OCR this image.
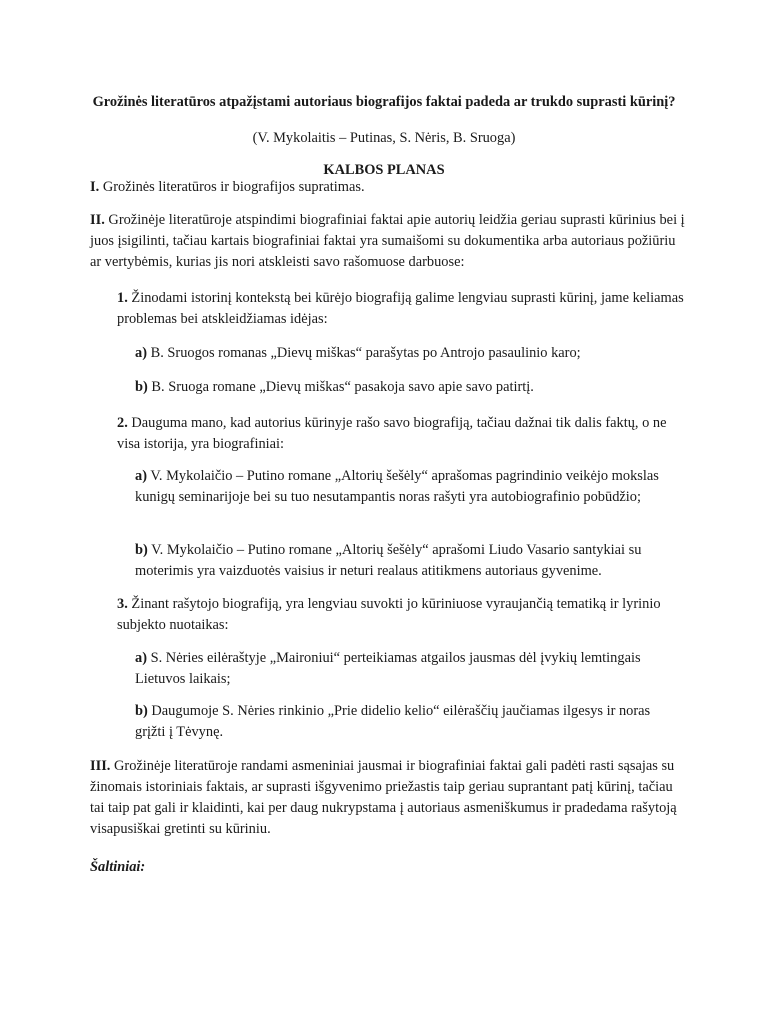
Grožinės literatūros atpažįstami autoriaus biografijos faktai padeda ar trukdo suprasti kūrinį?
(V. Mykolaitis – Putinas, S. Nėris, B. Sruoga)
KALBOS PLANAS

I. Grožinės literatūros ir biografijos supratimas.

II. Grožinėje literatūroje atspindimi biografiniai faktai apie autorių leidžia geriau suprasti kūrinius bei į juos įsigilinti, tačiau kartais biografiniai faktai yra sumaišomi su dokumentika arba autoriaus požiūriu ar vertybėmis, kurias jis nori atskleisti savo rašomuose darbuose:

1. Žinodami istorinį kontekstą bei kūrėjo biografiją galime lengviau suprasti kūrinį, jame keliamas problemas bei atskleidžiamas idėjas:

a) B. Sruogos romanas „Dievų miškas“ parašytas po Antrojo pasaulinio karo;

b) B. Sruoga romane „Dievų miškas“ pasakoja savo apie savo patirtį.

2. Dauguma mano, kad autorius kūrinyje rašo savo biografiją, tačiau dažnai tik dalis faktų, o ne visa istorija, yra biografiniai:

a) V. Mykolaičio – Putino romane „Altorių šešėly“ aprašomas pagrindinio veikėjo mokslas kunigų seminarijoje bei su tuo nesutampantis noras rašyti yra autobiografinio pobūdžio;

b) V. Mykolaičio – Putino romane „Altorių šešėly“ aprašomi Liudo Vasario santykiai su moterimis yra vaizduotės vaisius ir neturi realaus atitikmens autoriaus gyvenime.

3. Žinant rašytojo biografiją, yra lengviau suvokti jo kūriniuose vyraujančią tematiką ir lyrinio subjekto nuotaikas:

a) S. Nėries eilėraštyje „Maironiui“ perteikiamas atgailos jausmas dėl įvykių lemtingais Lietuvos laikais;

b) Daugumoje S. Nėries rinkinio „Prie didelio kelio“ eilėraščių jaučiamas ilgesys ir noras grįžti į Tėvynę.

III. Grožinėje literatūroje randami asmeniniai jausmai ir biografiniai faktai gali padėti rasti sąsajas su žinomais istoriniais faktais, ar suprasti išgyvenimo priežastis taip geriau suprantant patį kūrinį, tačiau tai taip pat gali ir klaidinti, kai per daug nukrypstama į autoriaus asmeniškumus ir pradedama rašytoją visapusiškai gretinti su kūriniu.

Šaltiniai:
